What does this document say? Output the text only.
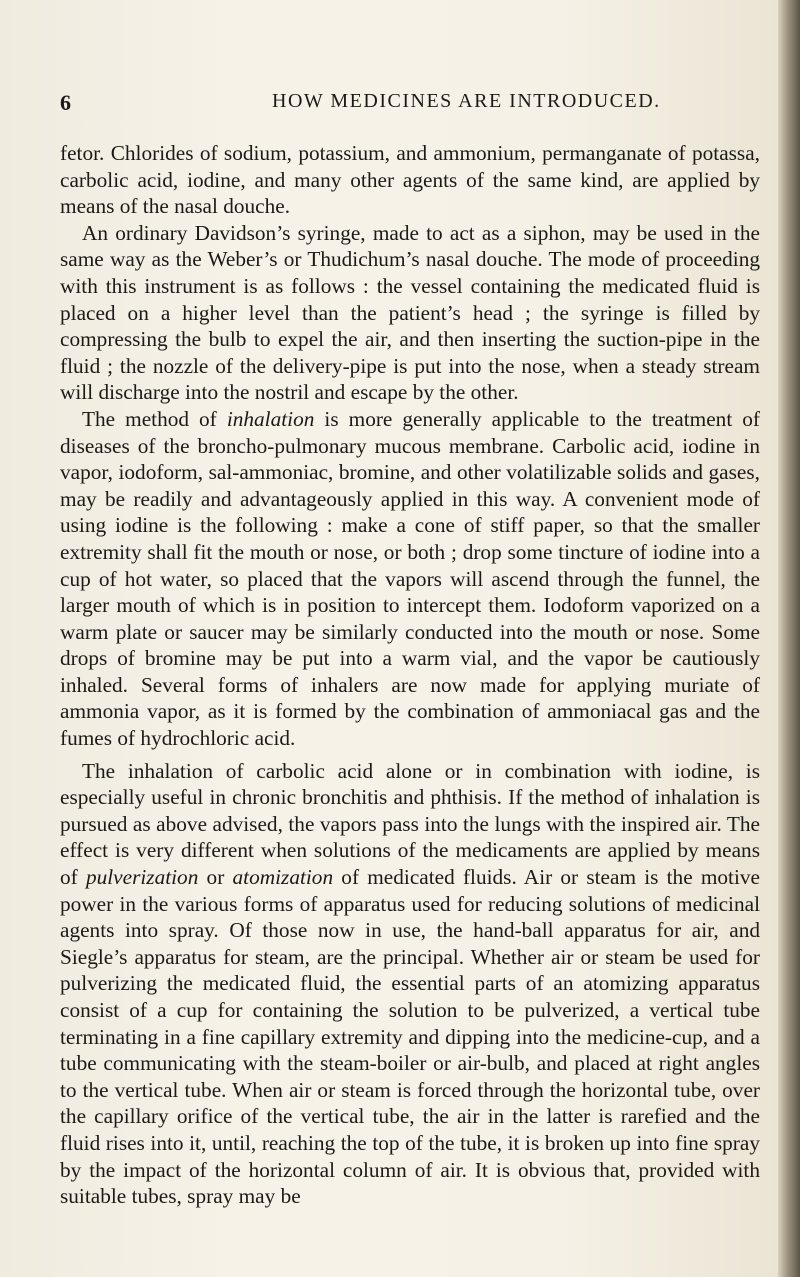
6	HOW MEDICINES ARE INTRODUCED.

fetor. Chlorides of sodium, potassium, and ammonium, permanganate of potassa, carbolic acid, iodine, and many other agents of the same kind, are applied by means of the nasal douche.

An ordinary Davidson’s syringe, made to act as a siphon, may be used in the same way as the Weber’s or Thudichum’s nasal douche. The mode of proceeding with this instrument is as follows : the vessel containing the medicated fluid is placed on a higher level than the patient’s head ; the syringe is filled by compressing the bulb to expel the air, and then inserting the suction-pipe in the fluid ; the nozzle of the delivery-pipe is put into the nose, when a steady stream will discharge into the nostril and escape by the other.

The method of inhalation is more generally applicable to the treatment of diseases of the broncho-pulmonary mucous membrane. Carbolic acid, iodine in vapor, iodoform, sal-ammoniac, bromine, and other volatilizable solids and gases, may be readily and advantageously applied in this way. A convenient mode of using iodine is the following : make a cone of stiff paper, so that the smaller extremity shall fit the mouth or nose, or both ; drop some tincture of iodine into a cup of hot water, so placed that the vapors will ascend through the funnel, the larger mouth of which is in position to intercept them. Iodoform vaporized on a warm plate or saucer may be similarly conducted into the mouth or nose. Some drops of bromine may be put into a warm vial, and the vapor be cautiously inhaled. Several forms of inhalers are now made for applying muriate of ammonia vapor, as it is formed by the combination of ammoniacal gas and the fumes of hydrochloric acid.

The inhalation of carbolic acid alone or in combination with iodine, is especially useful in chronic bronchitis and phthisis. If the method of inhalation is pursued as above advised, the vapors pass into the lungs with the inspired air. The effect is very different when solutions of the medicaments are applied by means of pulverization or atomization of medicated fluids. Air or steam is the motive power in the various forms of apparatus used for reducing solutions of medicinal agents into spray. Of those now in use, the hand-ball apparatus for air, and Siegle’s apparatus for steam, are the principal. Whether air or steam be used for pulverizing the medicated fluid, the essential parts of an atomizing apparatus consist of a cup for containing the solution to be pulverized, a vertical tube terminating in a fine capillary extremity and dipping into the medicine-cup, and a tube communicating with the steam-boiler or air-bulb, and placed at right angles to the vertical tube. When air or steam is forced through the horizontal tube, over the capillary orifice of the vertical tube, the air in the latter is rarefied and the fluid rises into it, until, reaching the top of the tube, it is broken up into fine spray by the impact of the horizontal column of air. It is obvious that, provided with suitable tubes, spray may be
